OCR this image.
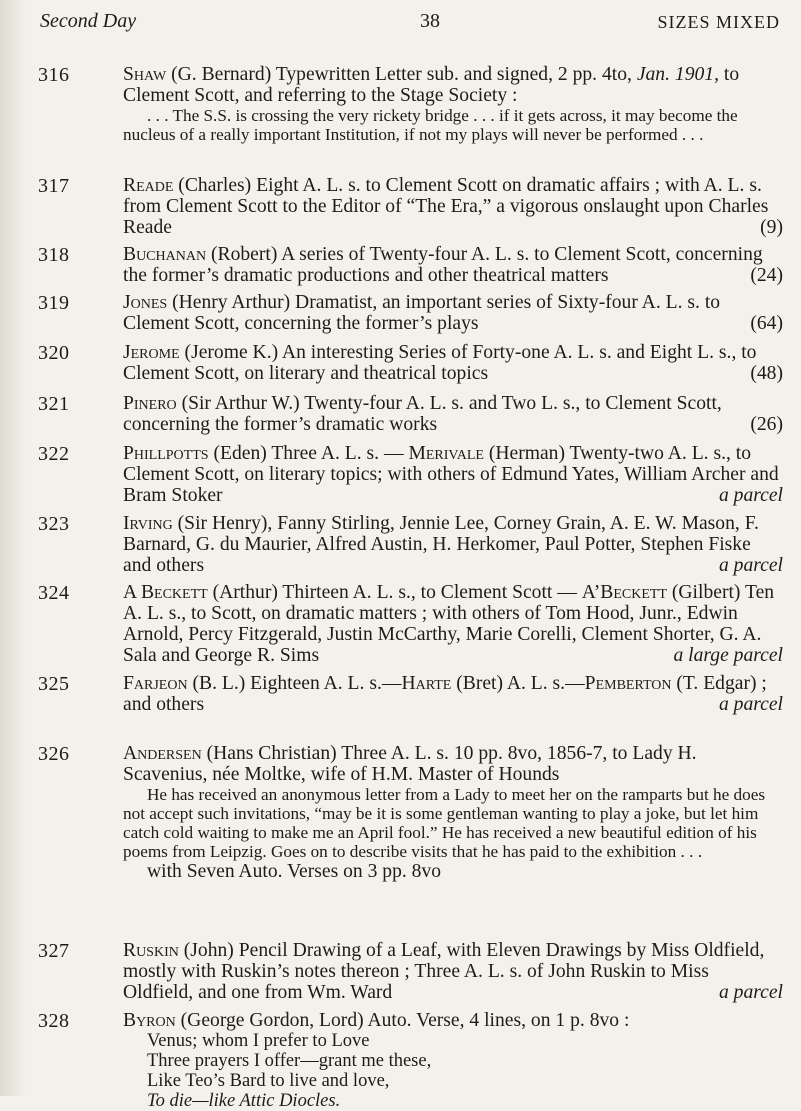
Second Day	38	SIZES MIXED
316	Shaw (G. Bernard) Typewritten Letter sub. and signed, 2 pp. 4to, Jan. 1901, to Clement Scott, and referring to the Stage Society :
. . . The S.S. is crossing the very rickety bridge . . . if it gets across, it may become the nucleus of a really important Institution, if not my plays will never be performed . . .
317	Reade (Charles) Eight A. L. s. to Clement Scott on dramatic affairs ; with A. L. s. from Clement Scott to the Editor of “The Era,” a vigorous onslaught upon Charles Reade	(9)
318	Buchanan (Robert) A series of Twenty-four A. L. s. to Clement Scott, concerning the former’s dramatic productions and other theatrical matters	(24)
319	Jones (Henry Arthur) Dramatist, an important series of Sixty-four A. L. s. to Clement Scott, concerning the former’s plays	(64)
320	Jerome (Jerome K.) An interesting Series of Forty-one A. L. s. and Eight L. s., to Clement Scott, on literary and theatrical topics	(48)
321	Pinero (Sir Arthur W.) Twenty-four A. L. s. and Two L. s., to Clement Scott, concerning the former’s dramatic works	(26)
322	Phillpotts (Eden) Three A. L. s. — Merivale (Herman) Twenty-two A. L. s., to Clement Scott, on literary topics; with others of Edmund Yates, William Archer and Bram Stoker	a parcel
323	Irving (Sir Henry), Fanny Stirling, Jennie Lee, Corney Grain, A. E. W. Mason, F. Barnard, G. du Maurier, Alfred Austin, H. Herkomer, Paul Potter, Stephen Fiske and others	a parcel
324	A Beckett (Arthur) Thirteen A. L. s., to Clement Scott — A’Beckett (Gilbert) Ten A. L. s., to Scott, on dramatic matters ; with others of Tom Hood, Junr., Edwin Arnold, Percy Fitzgerald, Justin McCarthy, Marie Corelli, Clement Shorter, G. A. Sala and George R. Sims	a large parcel
325	Farjeon (B. L.) Eighteen A. L. s.—Harte (Bret) A. L. s.—Pemberton (T. Edgar) ; and others	a parcel
326	Andersen (Hans Christian) Three A. L. s. 10 pp. 8vo, 1856-7, to Lady H. Scavenius, née Moltke, wife of H.M. Master of Hounds
He has received an anonymous letter from a Lady to meet her on the ramparts but he does not accept such invitations, “may be it is some gentleman wanting to play a joke, but let him catch cold waiting to make me an April fool.” He has received a new beautiful edition of his poems from Leipzig. Goes on to describe visits that he has paid to the exhibition . . .
with Seven Auto. Verses on 3 pp. 8vo
327	Ruskin (John) Pencil Drawing of a Leaf, with Eleven Drawings by Miss Oldfield, mostly with Ruskin’s notes thereon ; Three A. L. s. of John Ruskin to Miss Oldfield, and one from Wm. Ward	a parcel
328	Byron (George Gordon, Lord) Auto. Verse, 4 lines, on 1 p. 8vo :
Venus; whom I prefer to Love
Three prayers I offer—grant me these,
Like Teo’s Bard to live and love,
To die—like Attic Diocles.
